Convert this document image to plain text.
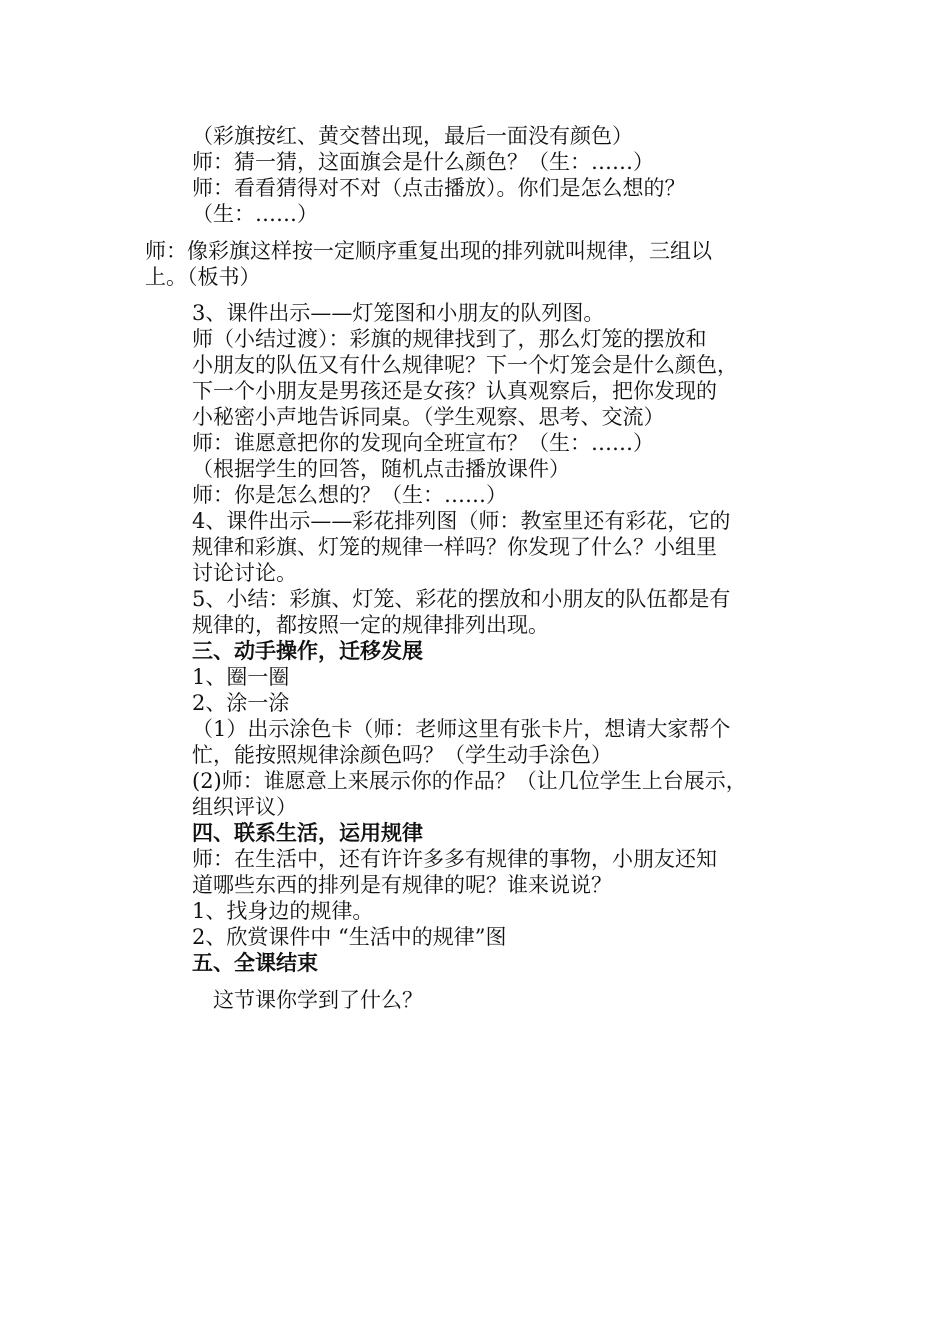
（彩旗按红、黄交替出现，最后一面没有颜色）
师：猜一猜，这面旗会是什么颜色？（生：……）
师：看看猜得对不对（点击播放）。你们是怎么想的？
（生：……）
师：像彩旗这样按一定顺序重复出现的排列就叫规律，三组以
上。（板书）
3、课件出示——灯笼图和小朋友的队列图。
师（小结过渡）：彩旗的规律找到了，那么灯笼的摆放和
小朋友的队伍又有什么规律呢？下一个灯笼会是什么颜色，
下一个小朋友是男孩还是女孩？认真观察后，把你发现的
小秘密小声地告诉同桌。（学生观察、思考、交流）
师：谁愿意把你的发现向全班宣布？（生：……）
（根据学生的回答，随机点击播放课件）
师：你是怎么想的？（生：……）
4、课件出示——彩花排列图（师：教室里还有彩花，它的
规律和彩旗、灯笼的规律一样吗？你发现了什么？小组里
讨论讨论。
5、小结：彩旗、灯笼、彩花的摆放和小朋友的队伍都是有
规律的，都按照一定的规律排列出现。
三、动手操作，迁移发展
1、圈一圈
2、涂一涂
（1）出示涂色卡（师：老师这里有张卡片，想请大家帮个
忙，能按照规律涂颜色吗？（学生动手涂色）
(2)师：谁愿意上来展示你的作品？（让几位学生上台展示，
组织评议）
四、联系生活，运用规律
师：在生活中，还有许许多多有规律的事物，小朋友还知
道哪些东西的排列是有规律的呢？谁来说说？
1、找身边的规律。
2、欣赏课件中 “生活中的规律”图
五、全课结束
这节课你学到了什么？
